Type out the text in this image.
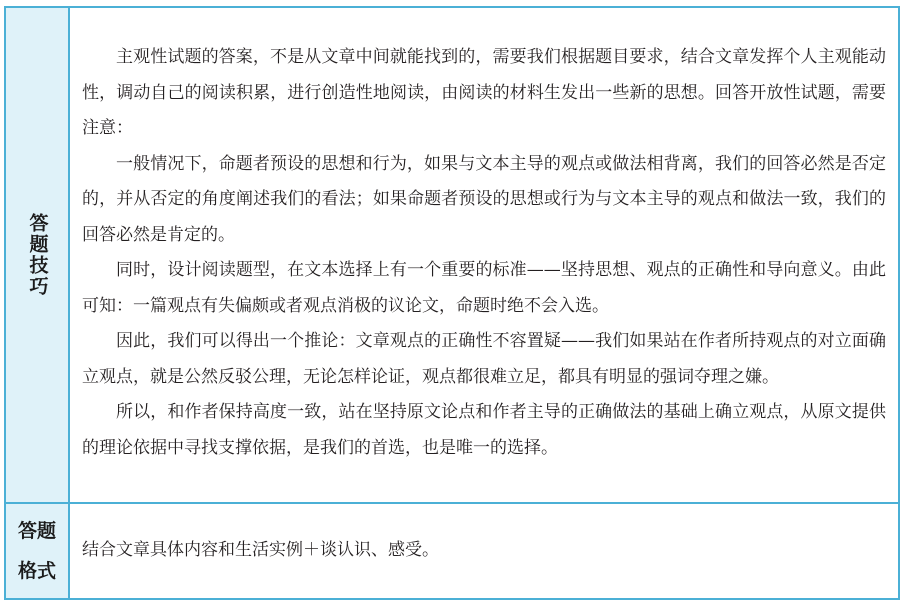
答题技巧

主观性试题的答案，不是从文章中间就能找到的，需要我们根据题目要求，结合文章发挥个人主观能动性，调动自己的阅读积累，进行创造性地阅读，由阅读的材料生发出一些新的思想。回答开放性试题，需要注意：

一般情况下，命题者预设的思想和行为，如果与文本主导的观点或做法相背离，我们的回答必然是否定的，并从否定的角度阐述我们的看法；如果命题者预设的思想或行为与文本主导的观点和做法一致，我们的回答必然是肯定的。

同时，设计阅读题型，在文本选择上有一个重要的标准——坚持思想、观点的正确性和导向意义。由此可知：一篇观点有失偏颇或者观点消极的议论文，命题时绝不会入选。

因此，我们可以得出一个推论：文章观点的正确性不容置疑——我们如果站在作者所持观点的对立面确立观点，就是公然反驳公理，无论怎样论证，观点都很难立足，都具有明显的强词夺理之嫌。

所以，和作者保持高度一致，站在坚持原文论点和作者主导的正确做法的基础上确立观点，从原文提供的理论依据中寻找支撑依据，是我们的首选，也是唯一的选择。

答题
格式

结合文章具体内容和生活实例＋谈认识、感受。
